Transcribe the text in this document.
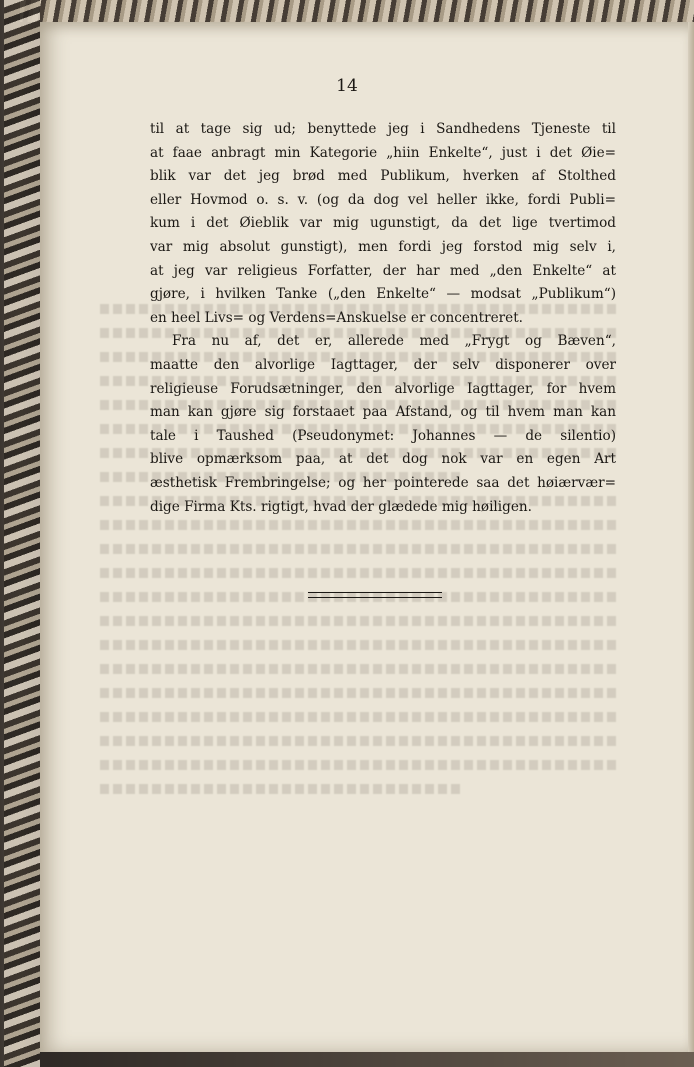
14

til at tage sig ud; benyttede jeg i Sandhedens Tjeneste til
at faae anbragt min Kategorie „hiin Enkelte“, just i det Øie=
blik var det jeg brød med Publikum, hverken af Stolthed
eller Hovmod o. s. v. (og da dog vel heller ikke, fordi Publi=
kum i det Øieblik var mig ugunstigt, da det lige tvertimod
var mig absolut gunstigt), men fordi jeg forstod mig selv i,
at jeg var religieus Forfatter, der har med „den Enkelte“ at
gjøre, i hvilken Tanke („den Enkelte“ — modsat „Publikum“)
en heel Livs= og Verdens=Anskuelse er concentreret.
Fra nu af, det er, allerede med „Frygt og Bæven“,
maatte den alvorlige Iagttager, der selv disponerer over
religieuse Forudsætninger, den alvorlige Iagttager, for hvem
man kan gjøre sig forstaaet paa Afstand, og til hvem man kan
tale i Taushed (Pseudonymet: Johannes — de silentio)
blive opmærksom paa, at det dog nok var en egen Art
æsthetisk Frembringelse; og her pointerede saa det høiærvær=
dige Firma Kts. rigtigt, hvad der glædede mig høiligen.
